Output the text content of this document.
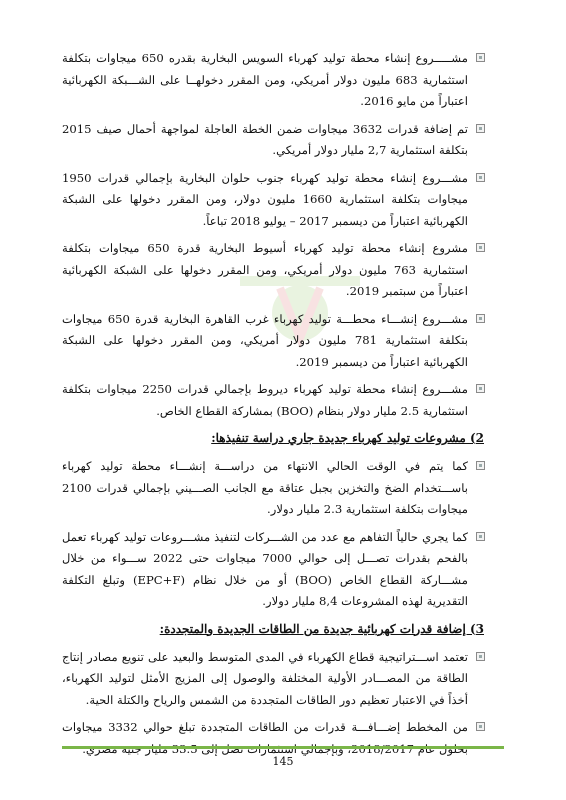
مشـــــروع إنشاء محطة توليد كهرباء السويس البخارية بقدره 650 ميجاوات بتكلفة استثمارية 683 مليون دولار أمريكي، ومن المقرر دخولهــا على الشـــبكة الكهربائية اعتباراً من مايو 2016.
تم إضافة قدرات 3632 ميجاوات ضمن الخطة العاجلة لمواجهة أحمال صيف 2015 بتكلفة استثمارية 2,7 مليار دولار أمريكي.
مشـــروع إنشاء محطة توليد كهرباء جنوب حلوان البخارية بإجمالي قدرات 1950 ميجاوات بتكلفة استثمارية 1660 مليون دولار، ومن المقرر دخولها على الشبكة الكهربائية اعتباراً من ديسمبر 2017 – يوليو 2018 تباعاً.
مشروع إنشاء محطة توليد كهرباء أسيوط البخارية قدرة 650 ميجاوات بتكلفة استثمارية 763 مليون دولار أمريكي، ومن المقرر دخولها على الشبكة الكهربائية اعتباراً من سبتمبر 2019.
مشـــروع إنشـــاء محطـــة توليد كهرباء غرب القاهرة البخارية قدرة 650 ميجاوات بتكلفة استثمارية 781 مليون دولار أمريكي، ومن المقرر دخولها على الشبكة الكهربائية اعتباراً من ديسمبر 2019.
مشـــروع إنشاء محطة توليد كهرباء ديروط بإجمالي قدرات 2250 ميجاوات بتكلفة استثمارية 2.5 مليار دولار بنظام (BOO) بمشاركة القطاع الخاص.
2) مشروعات توليد كهرباء جديدة جاري دراسة تنفيذها:
كما يتم في الوقت الحالي الانتهاء من دراســـة إنشـــاء محطة توليد كهرباء باســـتخدام الضخ والتخزين بجبل عتاقة مع الجانب الصـــيني بإجمالي قدرات 2100 ميجاوات بتكلفة استثمارية 2.3 مليار دولار.
كما يجري حالياً التفاهم مع عدد من الشـــركات لتنفيذ مشـــروعات توليد كهرباء تعمل بالفحم بقدرات تصـــل إلى حوالي 7000 ميجاوات حتى 2022 ســـواء من خلال مشـــاركة القطاع الخاص (BOO) أو من خلال نظام (EPC+F) وتبلغ التكلفة التقديرية لهذه المشروعات 8,4 مليار دولار.
3) إضافة قدرات كهربائية جديدة من الطاقات الجديدة والمتجددة:
تعتمد اســـتراتيجية قطاع الكهرباء في المدى المتوسط والبعيد على تنويع مصادر إنتاج الطاقة من المصـــادر الأولية المختلفة والوصول إلى المزيج الأمثل لتوليد الكهرباء، أخذاً في الاعتبار تعظيم دور الطاقات المتجددة من الشمس والرياح والكتلة الحية.
من المخطط إضـــافـــة قدرات من الطاقات المتجددة تبلغ حوالي 3332 ميجاوات
145
